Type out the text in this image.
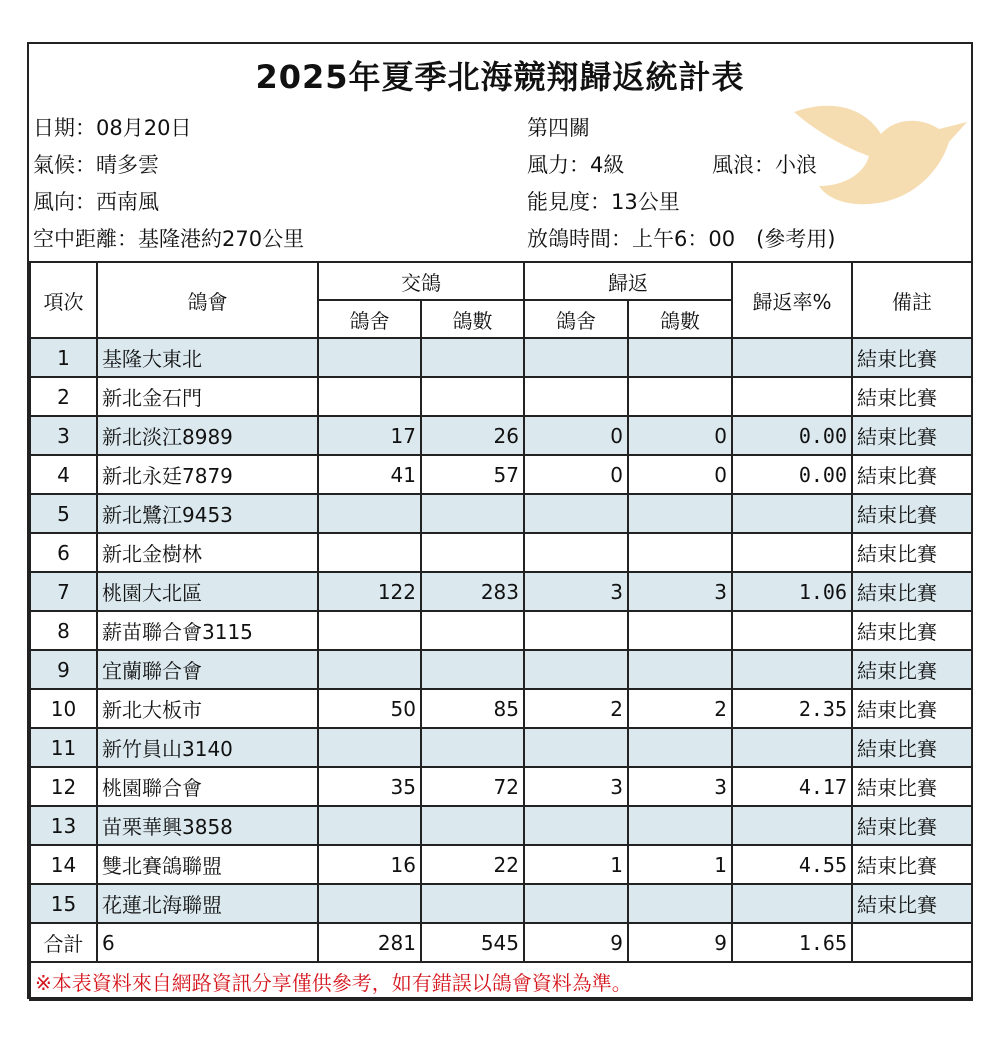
2025年夏季北海競翔歸返統計表
日期：08月20日
氣候：晴多雲
風向：西南風
空中距離：基隆港約270公里
第四關
風力：4級	風浪：小浪
能見度：13公里
放鴿時間：上午6：00　(參考用)
項次	鴿會	交鴿		歸返		歸返率%	備註
		鴿舍	鴿數	鴿舍	鴿數		
1	基隆大東北						結束比賽
2	新北金石門						結束比賽
3	新北淡江8989	17	26	0	0	0.00	結束比賽
4	新北永廷7879	41	57	0	0	0.00	結束比賽
5	新北鷺江9453						結束比賽
6	新北金樹林						結束比賽
7	桃園大北區	122	283	3	3	1.06	結束比賽
8	薪苗聯合會3115						結束比賽
9	宜蘭聯合會						結束比賽
10	新北大板市	50	85	2	2	2.35	結束比賽
11	新竹員山3140						結束比賽
12	桃園聯合會	35	72	3	3	4.17	結束比賽
13	苗栗華興3858						結束比賽
14	雙北賽鴿聯盟	16	22	1	1	4.55	結束比賽
15	花蓮北海聯盟						結束比賽
合計	6	281	545	9	9	1.65	
※本表資料來自網路資訊分享僅供參考，如有錯誤以鴿會資料為準。							
